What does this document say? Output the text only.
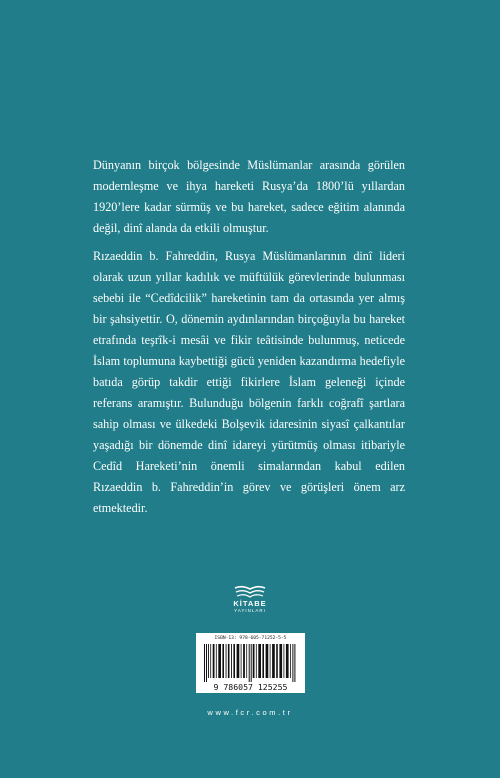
Dünyanın birçok bölgesinde Müslümanlar arasında görülen modernleşme ve ihya hareketi Rusya’da 1800’lü yıllardan 1920’lere kadar sürmüş ve bu hareket, sadece eğitim alanında değil, dinî alanda da etkili olmuştur.

Rızaeddin b. Fahreddin, Rusya Müslümanlarının dinî lideri olarak uzun yıllar kadılık ve müftülük görevlerinde bulunması sebebi ile “Cedîdcilik” hareketinin tam da ortasında yer almış bir şahsiyettir. O, dönemin aydınlarından birçoğuyla bu hareket etrafında teşrîk-i mesâi ve fikir teâtisinde bulunmuş, neticede İslam toplumuna kaybettiği gücü yeniden kazandırma hedefiyle batıda görüp takdir ettiği fikirlere İslam geleneği içinde referans aramıştır. Bulunduğu bölgenin farklı coğrafî şartlara sahip olması ve ülkedeki Bolşevik idaresinin siyasî çalkantılar yaşadığı bir dönemde dinî idareyi yürütmüş olması itibariyle Cedîd Hareketi’nin önemli simalarından kabul edilen Rızaeddin b. Fahreddin’in görev ve görüşleri önem arz etmektedir.

KİTABE
YAYINLARI
ISBN-13: 978-605-71252-5-5
9 786057 125255
www.fcr.com.tr
